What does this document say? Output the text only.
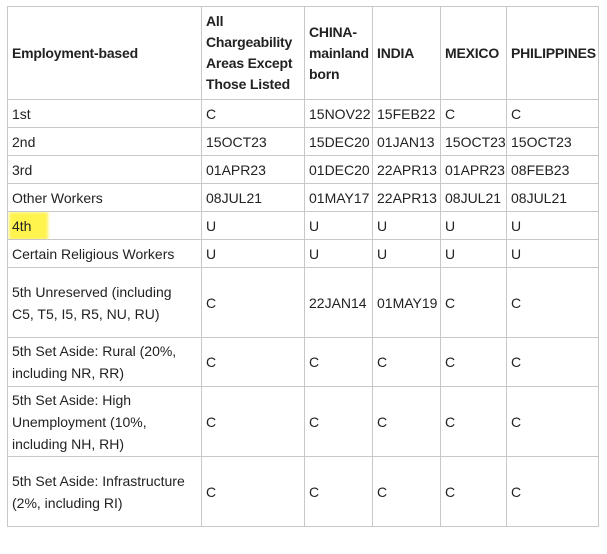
Employment-based	All Chargeability Areas Except Those Listed	CHINA-mainland born	INDIA	MEXICO	PHILIPPINES
1st	C	15NOV22	15FEB22	C	C
2nd	15OCT23	15DEC20	01JAN13	15OCT23	15OCT23
3rd	01APR23	01DEC20	22APR13	01APR23	08FEB23
Other Workers	08JUL21	01MAY17	22APR13	08JUL21	08JUL21
4th	U	U	U	U	U
Certain Religious Workers	U	U	U	U	U
5th Unreserved (including C5, T5, I5, R5, NU, RU)	C	22JAN14	01MAY19	C	C
5th Set Aside: Rural (20%, including NR, RR)	C	C	C	C	C
5th Set Aside: High Unemployment (10%, including NH, RH)	C	C	C	C	C
5th Set Aside: Infrastructure (2%, including RI)	C	C	C	C	C
